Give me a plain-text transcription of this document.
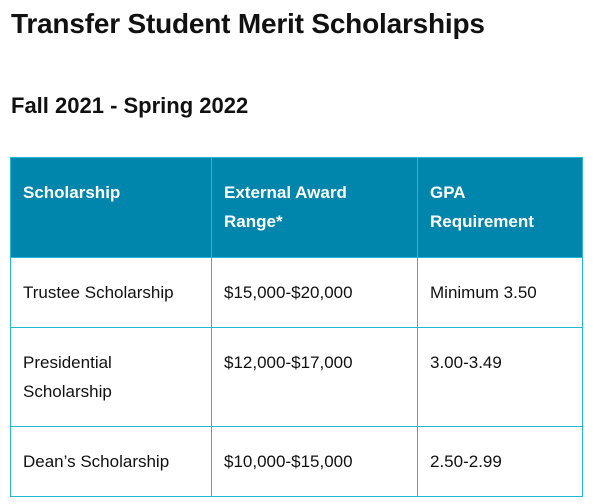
Transfer Student Merit Scholarships
Fall 2021 - Spring 2022
Scholarship	External Award Range*	GPA Requirement
Trustee Scholarship	$15,000-$20,000	Minimum 3.50
Presidential Scholarship	$12,000-$17,000	3.00-3.49
Dean’s Scholarship	$10,000-$15,000	2.50-2.99
